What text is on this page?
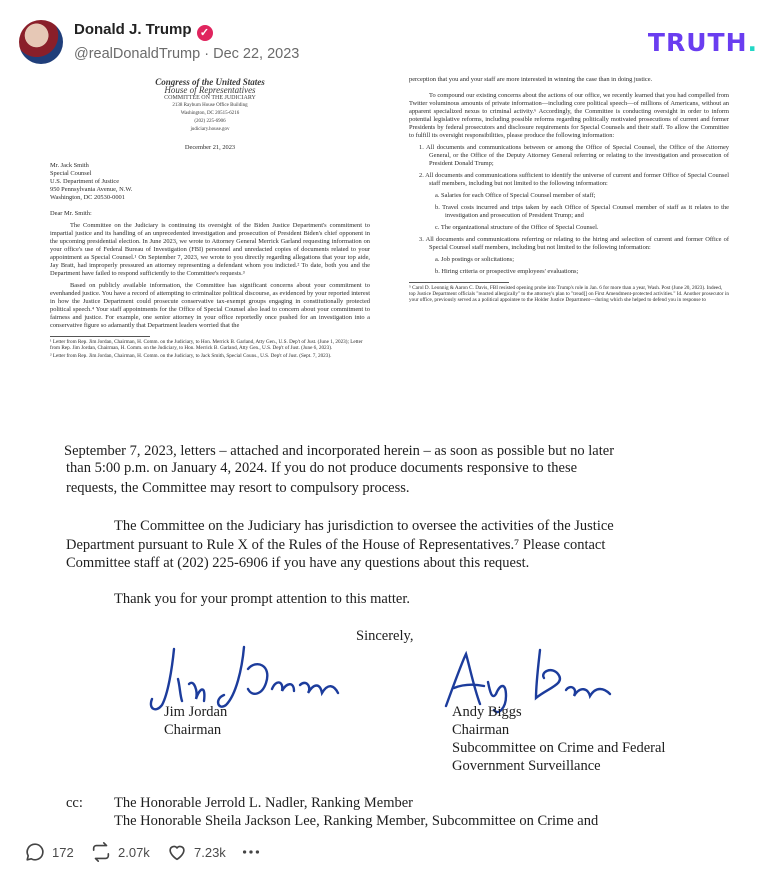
Donald J. Trump ✓
@realDonaldTrump · Dec 22, 2023	TRUTH.
Congress of the United States
House of Representatives
COMMITTEE ON THE JUDICIARY
2138 Rayburn House Office Building
Washington, DC 20515-6216
(202) 225-6906
judiciary.house.gov
December 21, 2023
Mr. Jack Smith
Special Counsel
U.S. Department of Justice
950 Pennsylvania Avenue, N.W.
Washington, DC 20530-0001
Dear Mr. Smith:

The Committee on the Judiciary is continuing its oversight of the Biden Justice Department's commitment to impartial justice and its handling of an unprecedented investigation and prosecution of President Biden's chief opponent in the upcoming presidential election. In June 2023, we wrote to Attorney General Merrick Garland requesting information on your office's use of Federal Bureau of Investigation (FBI) personnel and unredacted copies of documents related to your appointment as Special Counsel.¹ On September 7, 2023, we wrote to you directly regarding allegations that your top aide, Jay Bratt, had improperly pressured an attorney representing a defendant whom you indicted.² To date, both you and the Department have failed to respond sufficiently to the Committee's requests.³

Based on publicly available information, the Committee has significant concerns about your commitment to evenhanded justice. You have a record of attempting to criminalize political discourse, as evidenced by your reported interest in how the Justice Department could prosecute conservative tax-exempt groups engaging in constitutionally protected political speech.⁴ Your staff appointments for the Office of Special Counsel also lead to concern about your commitment to fairness and justice. For example, one senior attorney in your office reportedly once pushed for an investigation into a conservative figure so adamantly that Department leaders worried that the

¹ Letter from Rep. Jim Jordan, Chairman, H. Comm. on the Judiciary, to Hon. Merrick B. Garland, Atty Gen., U.S. Dep't of Just. (June 1, 2023); Letter from Rep. Jim Jordan, Chairman, H. Comm. on the Judiciary, to Hon. Merrick B. Garland, Atty Gen., U.S. Dep't of Just. (June 6, 2023).
² Letter from Rep. Jim Jordan, Chairman, H. Comm. on the Judiciary, to Jack Smith, Special Couns., U.S. Dep't of Just. (Sept. 7, 2023).

perception that you and your staff are more interested in winning the case than in doing justice.

To compound our existing concerns about the actions of our office, we recently learned that you had compelled from Twitter voluminous amounts of private information—including core political speech—of millions of Americans, without an apparent specialized nexus to criminal activity.⁶ Accordingly, the Committee is conducting oversight in order to inform potential legislative reforms, including possible reforms regarding politically motivated prosecutions of current and former Presidents by federal prosecutors and disclosure requirements for Special Counsels and their staff. To allow the Committee to fulfill its oversight responsibilities, please produce the following information:

1. All documents and communications between or among the Office of Special Counsel, the Office of the Attorney General, or the Office of the Deputy Attorney General referring or relating to the investigation and prosecution of President Donald Trump;

2. All documents and communications sufficient to identify the universe of current and former Office of Special Counsel staff members, including but not limited to the following information:

a. Salaries for each Office of Special Counsel member of staff;

b. Travel costs incurred and trips taken by each Office of Special Counsel member of staff as it relates to the investigation and prosecution of President Trump; and

c. The organizational structure of the Office of Special Counsel.

3. All documents and communications referring or relating to the hiring and selection of current and former Office of Special Counsel staff members, including but not limited to the following information:

a. Job postings or solicitations;

b. Hiring criteria or prospective employees' evaluations;

⁵ Carol D. Leonnig & Aaron C. Davis, FBI resisted opening probe into Trump's role in Jan. 6 for more than a year, Wash. Post (June 20, 2023). Indeed, top Justice Department officials "reacted allergically" to the attorney's plan to "tread[] on First Amendment-protected activities." Id. Another prosecutor in your office, previously served as a political appointee to the Holder Justice Department—during which she helped to defend you in response to
September 7, 2023, letters – attached and incorporated herein – as soon as possible but no later
than 5:00 p.m. on January 4, 2024. If you do not produce documents responsive to these
requests, the Committee may resort to compulsory process.
The Committee on the Judiciary has jurisdiction to oversee the activities of the Justice
Department pursuant to Rule X of the Rules of the House of Representatives.⁷ Please contact
Committee staff at (202) 225-6906 if you have any questions about this request.
Thank you for your prompt attention to this matter.
Sincerely,
Jim Jordan
Chairman
Andy Biggs
Chairman
Subcommittee on Crime and Federal
Government Surveillance
cc: The Honorable Jerrold L. Nadler, Ranking Member
The Honorable Sheila Jackson Lee, Ranking Member, Subcommittee on Crime and
172	2.07k	7.23k
